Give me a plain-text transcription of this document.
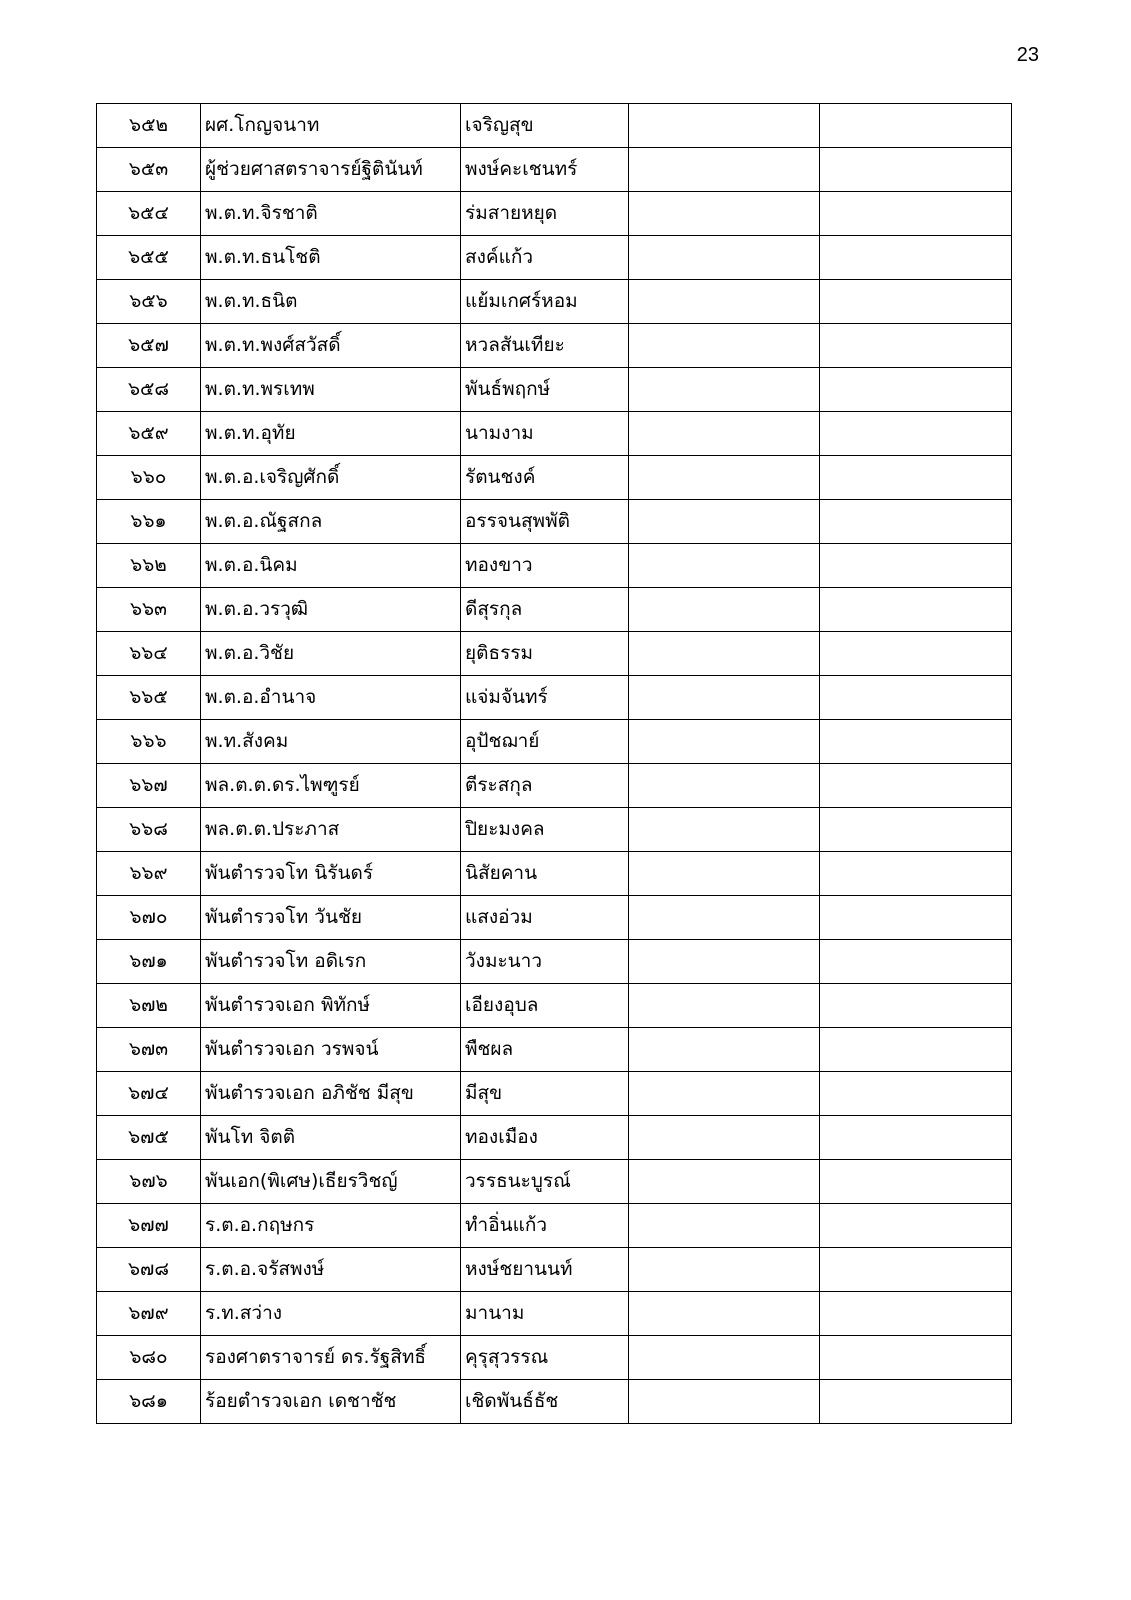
23
๖๕๒	ผศ.โกญจนาท	เจริญสุข		
๖๕๓	ผู้ช่วยศาสตราจารย์ฐิตินันท์	พงษ์คะเชนทร์		
๖๕๔	พ.ต.ท.จิรชาติ	ร่มสายหยุด		
๖๕๕	พ.ต.ท.ธนโชติ	สงค์แก้ว		
๖๕๖	พ.ต.ท.ธนิต	แย้มเกศร์หอม		
๖๕๗	พ.ต.ท.พงศ์สวัสดิ์	หวลสันเทียะ		
๖๕๘	พ.ต.ท.พรเทพ	พันธ์พฤกษ์		
๖๕๙	พ.ต.ท.อุทัย	นามงาม		
๖๖๐	พ.ต.อ.เจริญศักดิ์	รัตนชงค์		
๖๖๑	พ.ต.อ.ณัฐสกล	อรรจนสุพพัติ		
๖๖๒	พ.ต.อ.นิคม	ทองขาว		
๖๖๓	พ.ต.อ.วรวุฒิ	ดีสุรกุล		
๖๖๔	พ.ต.อ.วิชัย	ยุติธรรม		
๖๖๕	พ.ต.อ.อำนาจ	แจ่มจันทร์		
๖๖๖	พ.ท.สังคม	อุปัชฌาย์		
๖๖๗	พล.ต.ต.ดร.ไพฑูรย์	ตีระสกุล		
๖๖๘	พล.ต.ต.ประภาส	ปิยะมงคล		
๖๖๙	พันตำรวจโท นิรันดร์	นิสัยคาน		
๖๗๐	พันตำรวจโท วันชัย	แสงอ่วม		
๖๗๑	พันตำรวจโท อดิเรก	วังมะนาว		
๖๗๒	พันตำรวจเอก พิทักษ์	เอียงอุบล		
๖๗๓	พันตำรวจเอก วรพจน์	พืชผล		
๖๗๔	พันตำรวจเอก อภิชัช มีสุข	มีสุข		
๖๗๕	พันโท จิตติ	ทองเมือง		
๖๗๖	พันเอก(พิเศษ)เธียรวิชญ์	วรรธนะบูรณ์		
๖๗๗	ร.ต.อ.กฤษกร	ทำอิ่นแก้ว		
๖๗๘	ร.ต.อ.จรัสพงษ์	หงษ์ชยานนท์		
๖๗๙	ร.ท.สว่าง	มานาม		
๖๘๐	รองศาตราจารย์ ดร.รัฐสิทธิ์	คุรุสุวรรณ		
๖๘๑	ร้อยตำรวจเอก เดชาชัช	เชิดพันธ์ธัช		
